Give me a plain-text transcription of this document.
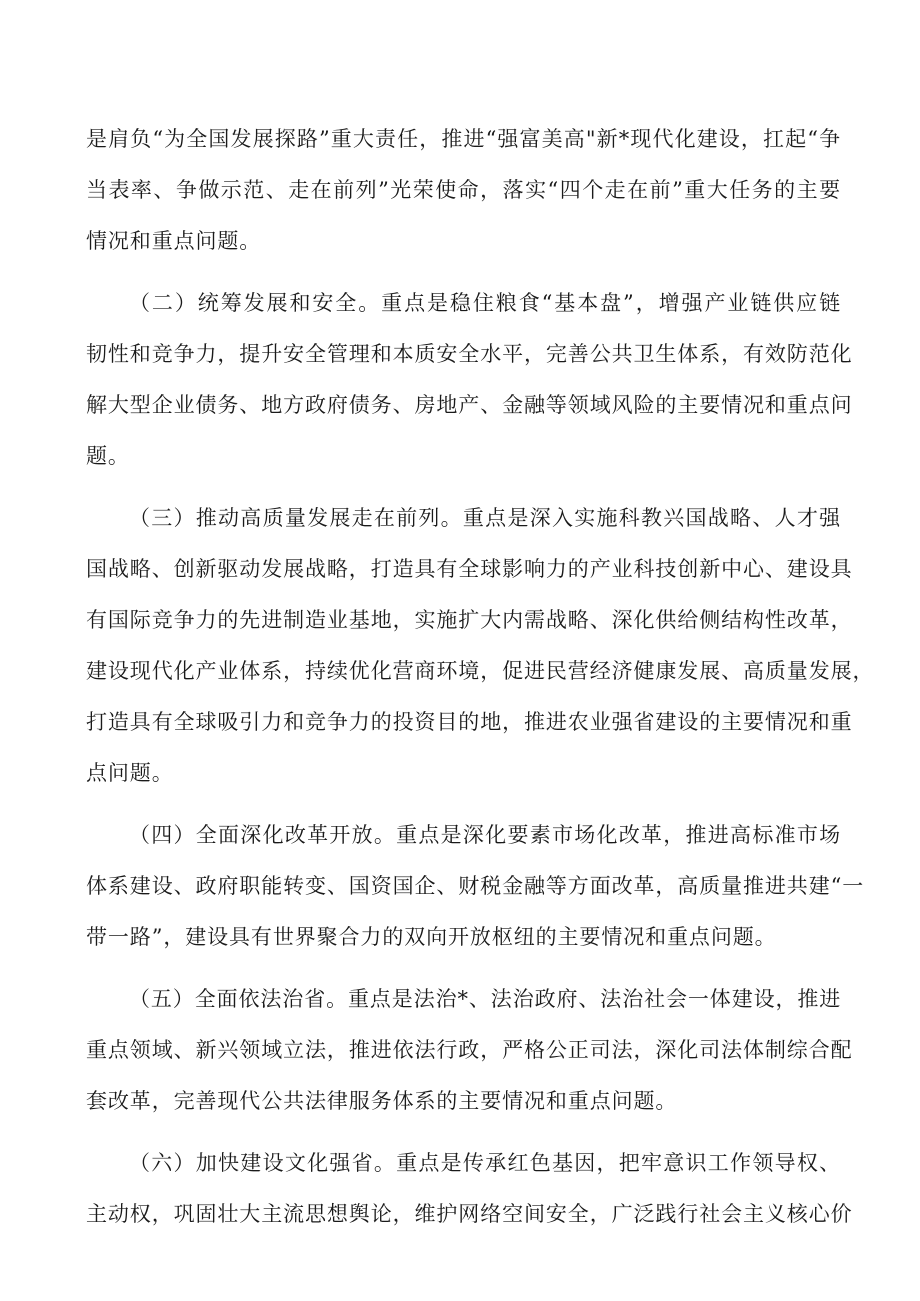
是肩负“为全国发展探路”重大责任，推进“强富美高"新*现代化建设，扛起“争
当表率、争做示范、走在前列”光荣使命，落实“四个走在前”重大任务的主要
情况和重点问题。
（二）统筹发展和安全。重点是稳住粮食“基本盘”，增强产业链供应链
韧性和竞争力，提升安全管理和本质安全水平，完善公共卫生体系，有效防范化
解大型企业债务、地方政府债务、房地产、金融等领域风险的主要情况和重点问
题。
（三）推动高质量发展走在前列。重点是深入实施科教兴国战略、人才强
国战略、创新驱动发展战略，打造具有全球影响力的产业科技创新中心、建设具
有国际竞争力的先进制造业基地，实施扩大内需战略、深化供给侧结构性改革，
建设现代化产业体系，持续优化营商环境，促进民营经济健康发展、高质量发展，
打造具有全球吸引力和竞争力的投资目的地，推进农业强省建设的主要情况和重
点问题。
（四）全面深化改革开放。重点是深化要素市场化改革，推进高标准市场
体系建设、政府职能转变、国资国企、财税金融等方面改革，高质量推进共建“一
带一路”，建设具有世界聚合力的双向开放枢纽的主要情况和重点问题。
（五）全面依法治省。重点是法治*、法治政府、法治社会一体建设，推进
重点领域、新兴领域立法，推进依法行政，严格公正司法，深化司法体制综合配
套改革，完善现代公共法律服务体系的主要情况和重点问题。
（六）加快建设文化强省。重点是传承红色基因，把牢意识工作领导权、
主动权，巩固壮大主流思想舆论，维护网络空间安全，广泛践行社会主义核心价
